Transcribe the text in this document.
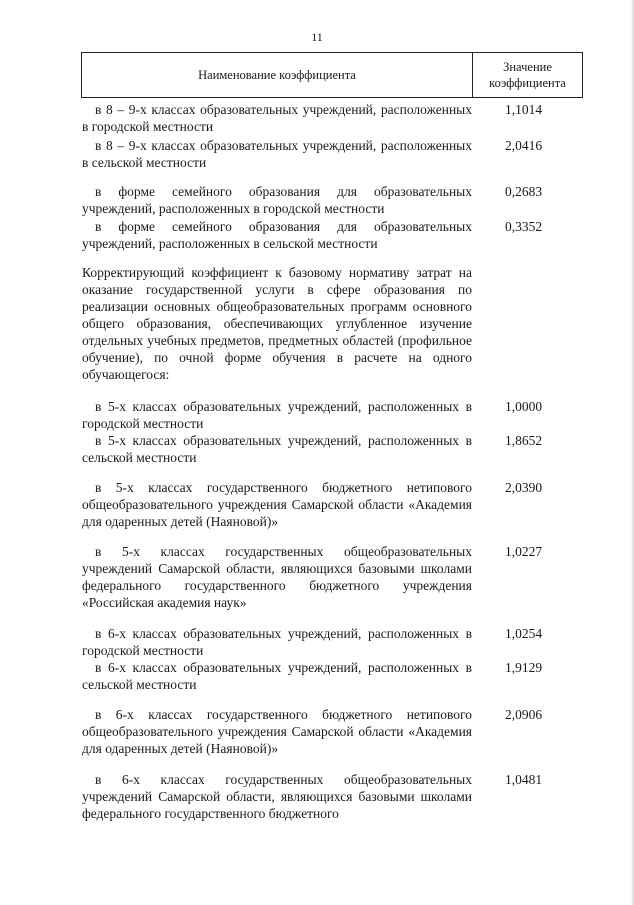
11
Наименование коэффициента
Значение
коэффициента
в 8 – 9-х классах образовательных учреждений, расположенных в городской местности
1,1014
в 8 – 9-х классах образовательных учреждений, расположенных в сельской местности
2,0416
в форме семейного образования для образовательных учреждений, расположенных в городской местности
0,2683
в форме семейного образования для образовательных учреждений, расположенных в сельской местности
0,3352
Корректирующий коэффициент к базовому нормативу затрат на оказание государственной услуги в сфере образования по реализации основных общеобразовательных программ основного общего образования, обеспечивающих углубленное изучение отдельных учебных предметов, предметных областей (профильное обучение), по очной форме обучения в расчете на одного обучающегося:
в 5-х классах образовательных учреждений, расположенных в городской местности
1,0000
в 5-х классах образовательных учреждений, расположенных в сельской местности
1,8652
в 5-х классах государственного бюджетного нетипового общеобразовательного учреждения Самарской области «Академия для одаренных детей (Наяновой)»
2,0390
в 5-х классах государственных общеобразовательных учреждений Самарской области, являющихся базовыми школами федерального государственного бюджетного учреждения «Российская академия наук»
1,0227
в 6-х классах образовательных учреждений, расположенных в городской местности
1,0254
в 6-х классах образовательных учреждений, расположенных в сельской местности
1,9129
в 6-х классах государственного бюджетного нетипового общеобразовательного учреждения Самарской области «Академия для одаренных детей (Наяновой)»
2,0906
в 6-х классах государственных общеобразовательных учреждений Самарской области, являющихся базовыми школами федерального государственного бюджетного
1,0481
